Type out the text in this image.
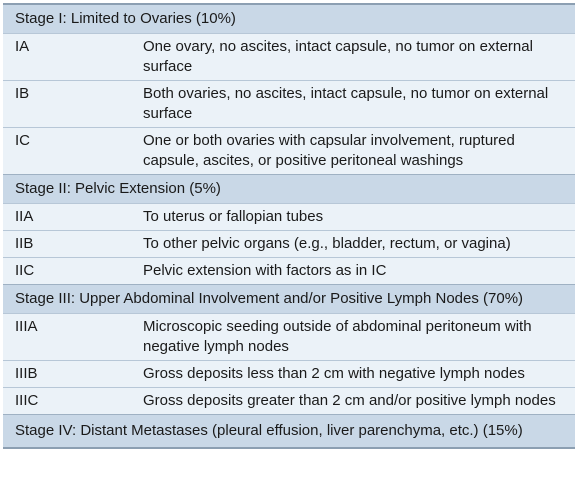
Stage I: Limited to Ovaries (10%)
IA	One ovary, no ascites, intact capsule, no tumor on external surface
IB	Both ovaries, no ascites, intact capsule, no tumor on external surface
IC	One or both ovaries with capsular involvement, ruptured capsule, ascites, or positive peritoneal washings
Stage II: Pelvic Extension (5%)
IIA	To uterus or fallopian tubes
IIB	To other pelvic organs (e.g., bladder, rectum, or vagina)
IIC	Pelvic extension with factors as in IC
Stage III: Upper Abdominal Involvement and/or Positive Lymph Nodes (70%)
IIIA	Microscopic seeding outside of abdominal peritoneum with negative lymph nodes
IIIB	Gross deposits less than 2 cm with negative lymph nodes
IIIC	Gross deposits greater than 2 cm and/or positive lymph nodes
Stage IV: Distant Metastases (pleural effusion, liver parenchyma, etc.) (15%)
